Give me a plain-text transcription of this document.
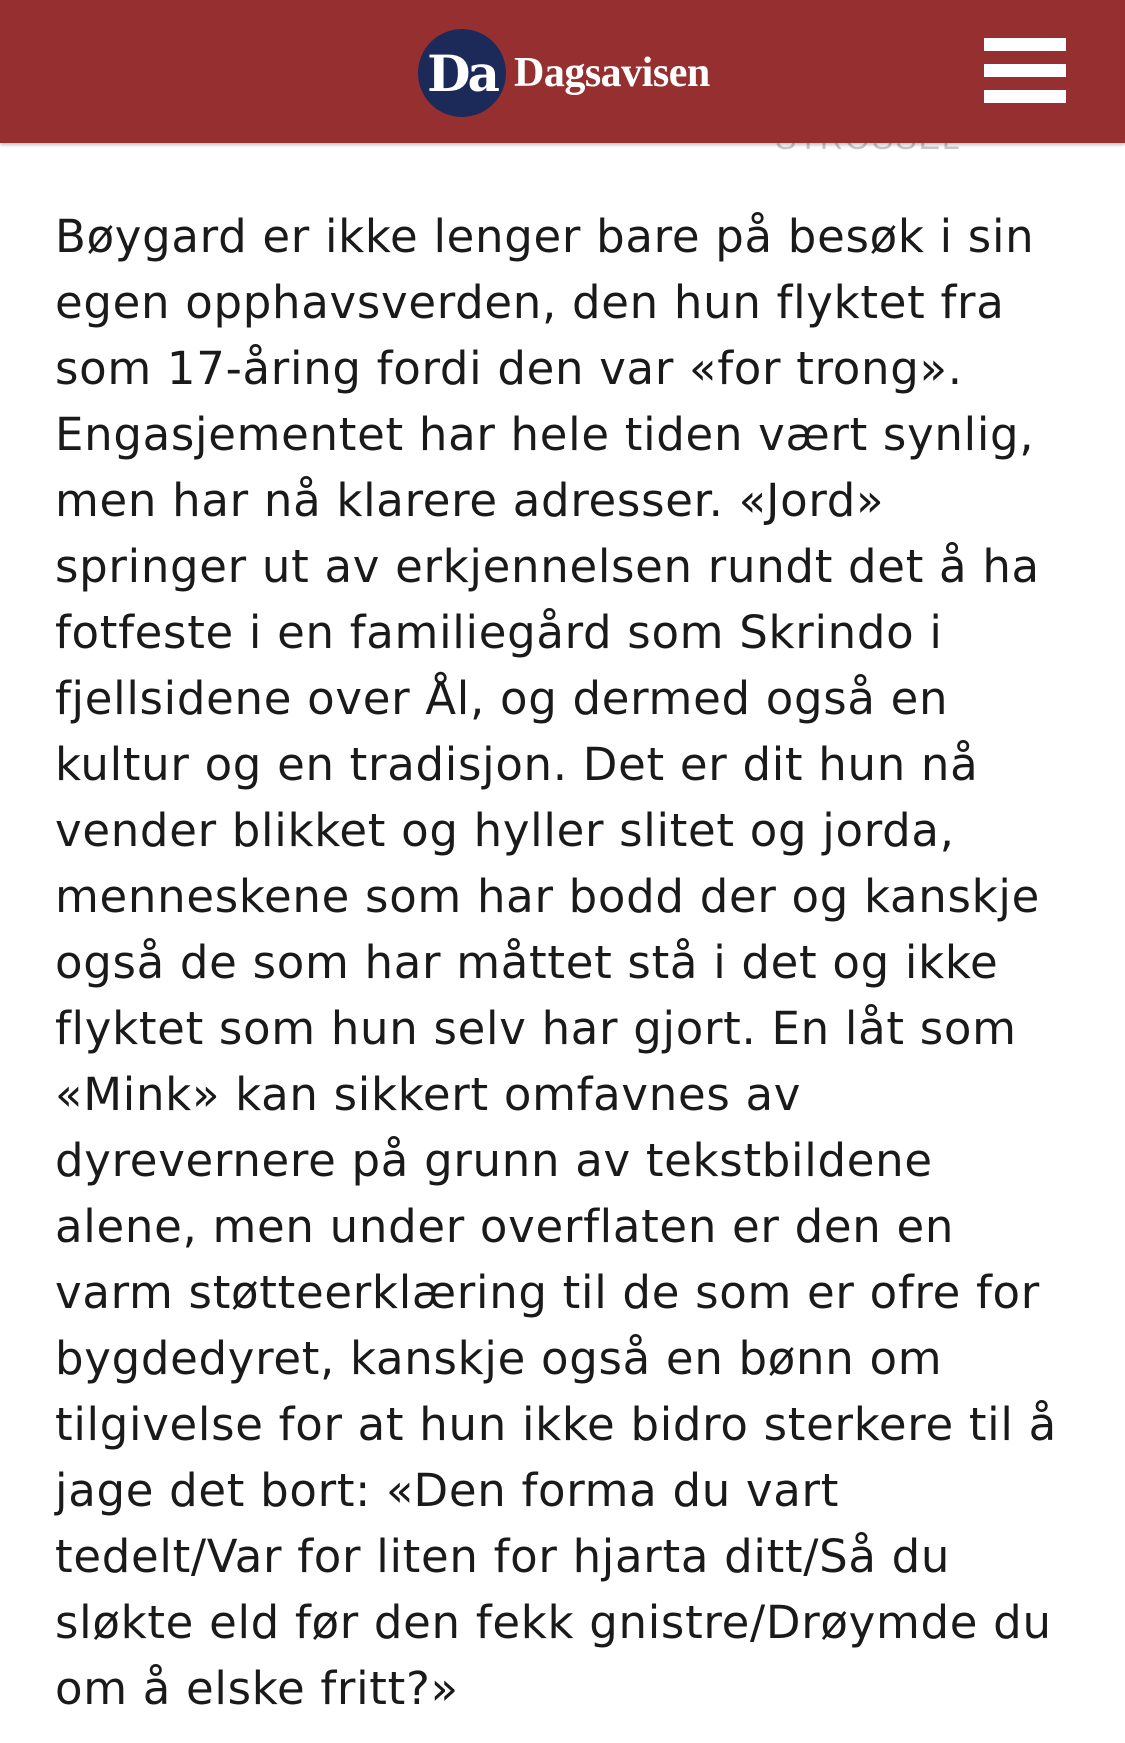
Da Dagsavisen

Bøygard er ikke lenger bare på besøk i sin
egen opphavsverden, den hun flyktet fra
som 17-åring fordi den var «for trong».
Engasjementet har hele tiden vært synlig,
men har nå klarere adresser. «Jord»
springer ut av erkjennelsen rundt det å ha
fotfeste i en familiegård som Skrindo i
fjellsidene over Ål, og dermed også en
kultur og en tradisjon. Det er dit hun nå
vender blikket og hyller slitet og jorda,
menneskene som har bodd der og kanskje
også de som har måttet stå i det og ikke
flyktet som hun selv har gjort. En låt som
«Mink» kan sikkert omfavnes av
dyrevernere på grunn av tekstbildene
alene, men under overflaten er den en
varm støtteerklæring til de som er ofre for
bygdedyret, kanskje også en bønn om
tilgivelse for at hun ikke bidro sterkere til å
jage det bort: «Den forma du vart
tedelt/Var for liten for hjarta ditt/Så du
sløkte eld før den fekk gnistre/Drøymde du
om å elske fritt?»
